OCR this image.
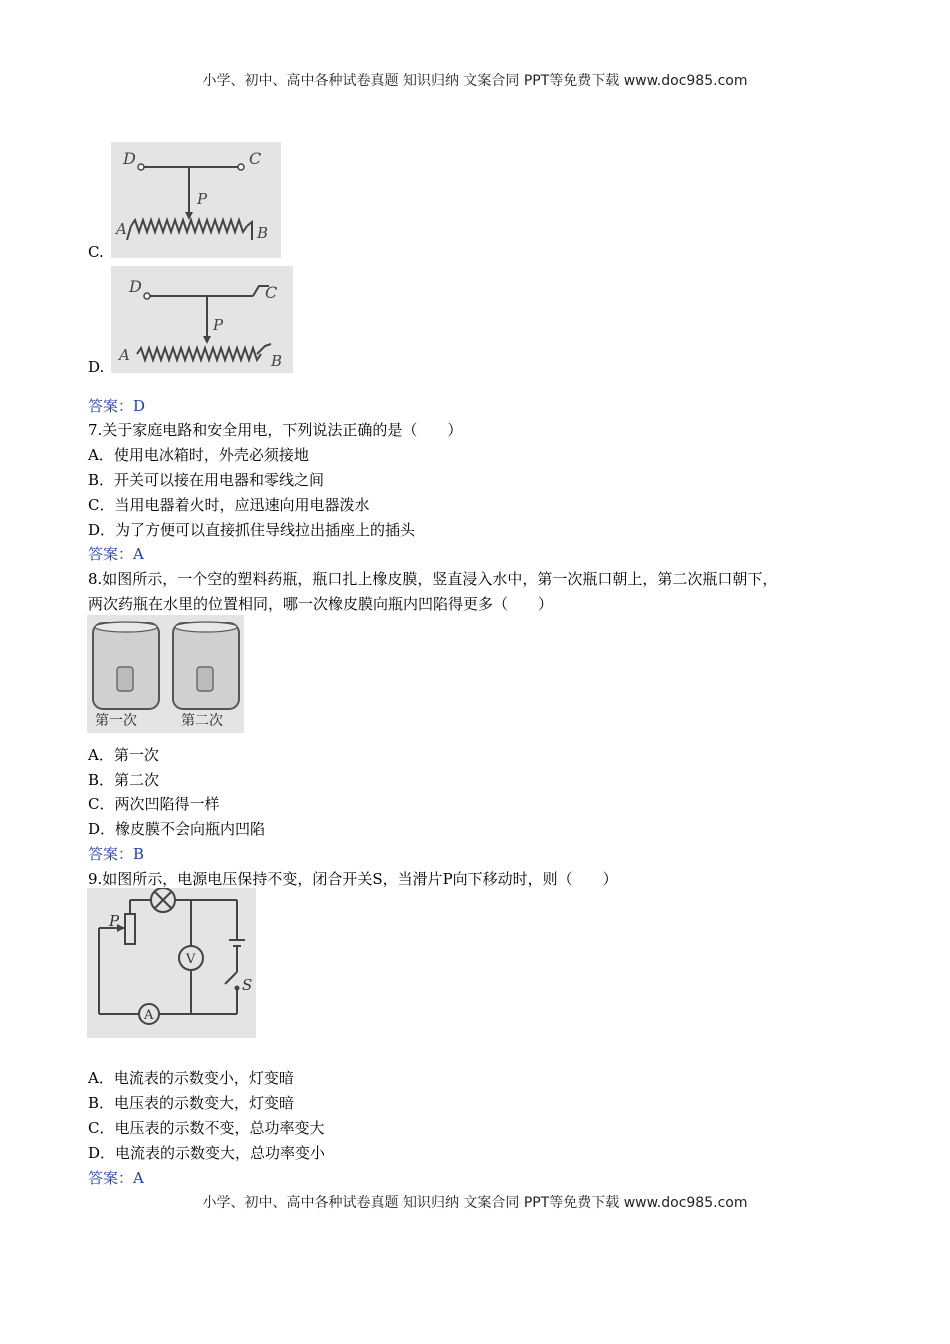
小学、初中、高中各种试卷真题 知识归纳 文案合同 PPT等免费下载 www.doc985.com
C.
D	C
P
A	B
D.
D	C
P
A	B
答案：D
7.关于家庭电路和安全用电，下列说法正确的是（　　）
A．使用电冰箱时，外壳必须接地
B．开关可以接在用电器和零线之间
C．当用电器着火时，应迅速向用电器泼水
D．为了方便可以直接抓住导线拉出插座上的插头
答案：A
8.如图所示，一个空的塑料药瓶，瓶口扎上橡皮膜，竖直浸入水中，第一次瓶口朝上，第二次瓶口朝下，
两次药瓶在水里的位置相同，哪一次橡皮膜向瓶内凹陷得更多（　　）
第一次	第二次
A．第一次
B．第二次
C．两次凹陷得一样
D．橡皮膜不会向瓶内凹陷
答案：B
9.如图所示，电源电压保持不变，闭合开关S，当滑片P向下移动时，则（　　）
P
V
A
S
A．电流表的示数变小，灯变暗
B．电压表的示数变大，灯变暗
C．电压表的示数不变，总功率变大
D．电流表的示数变大，总功率变小
答案：A
小学、初中、高中各种试卷真题 知识归纳 文案合同 PPT等免费下载 www.doc985.com
